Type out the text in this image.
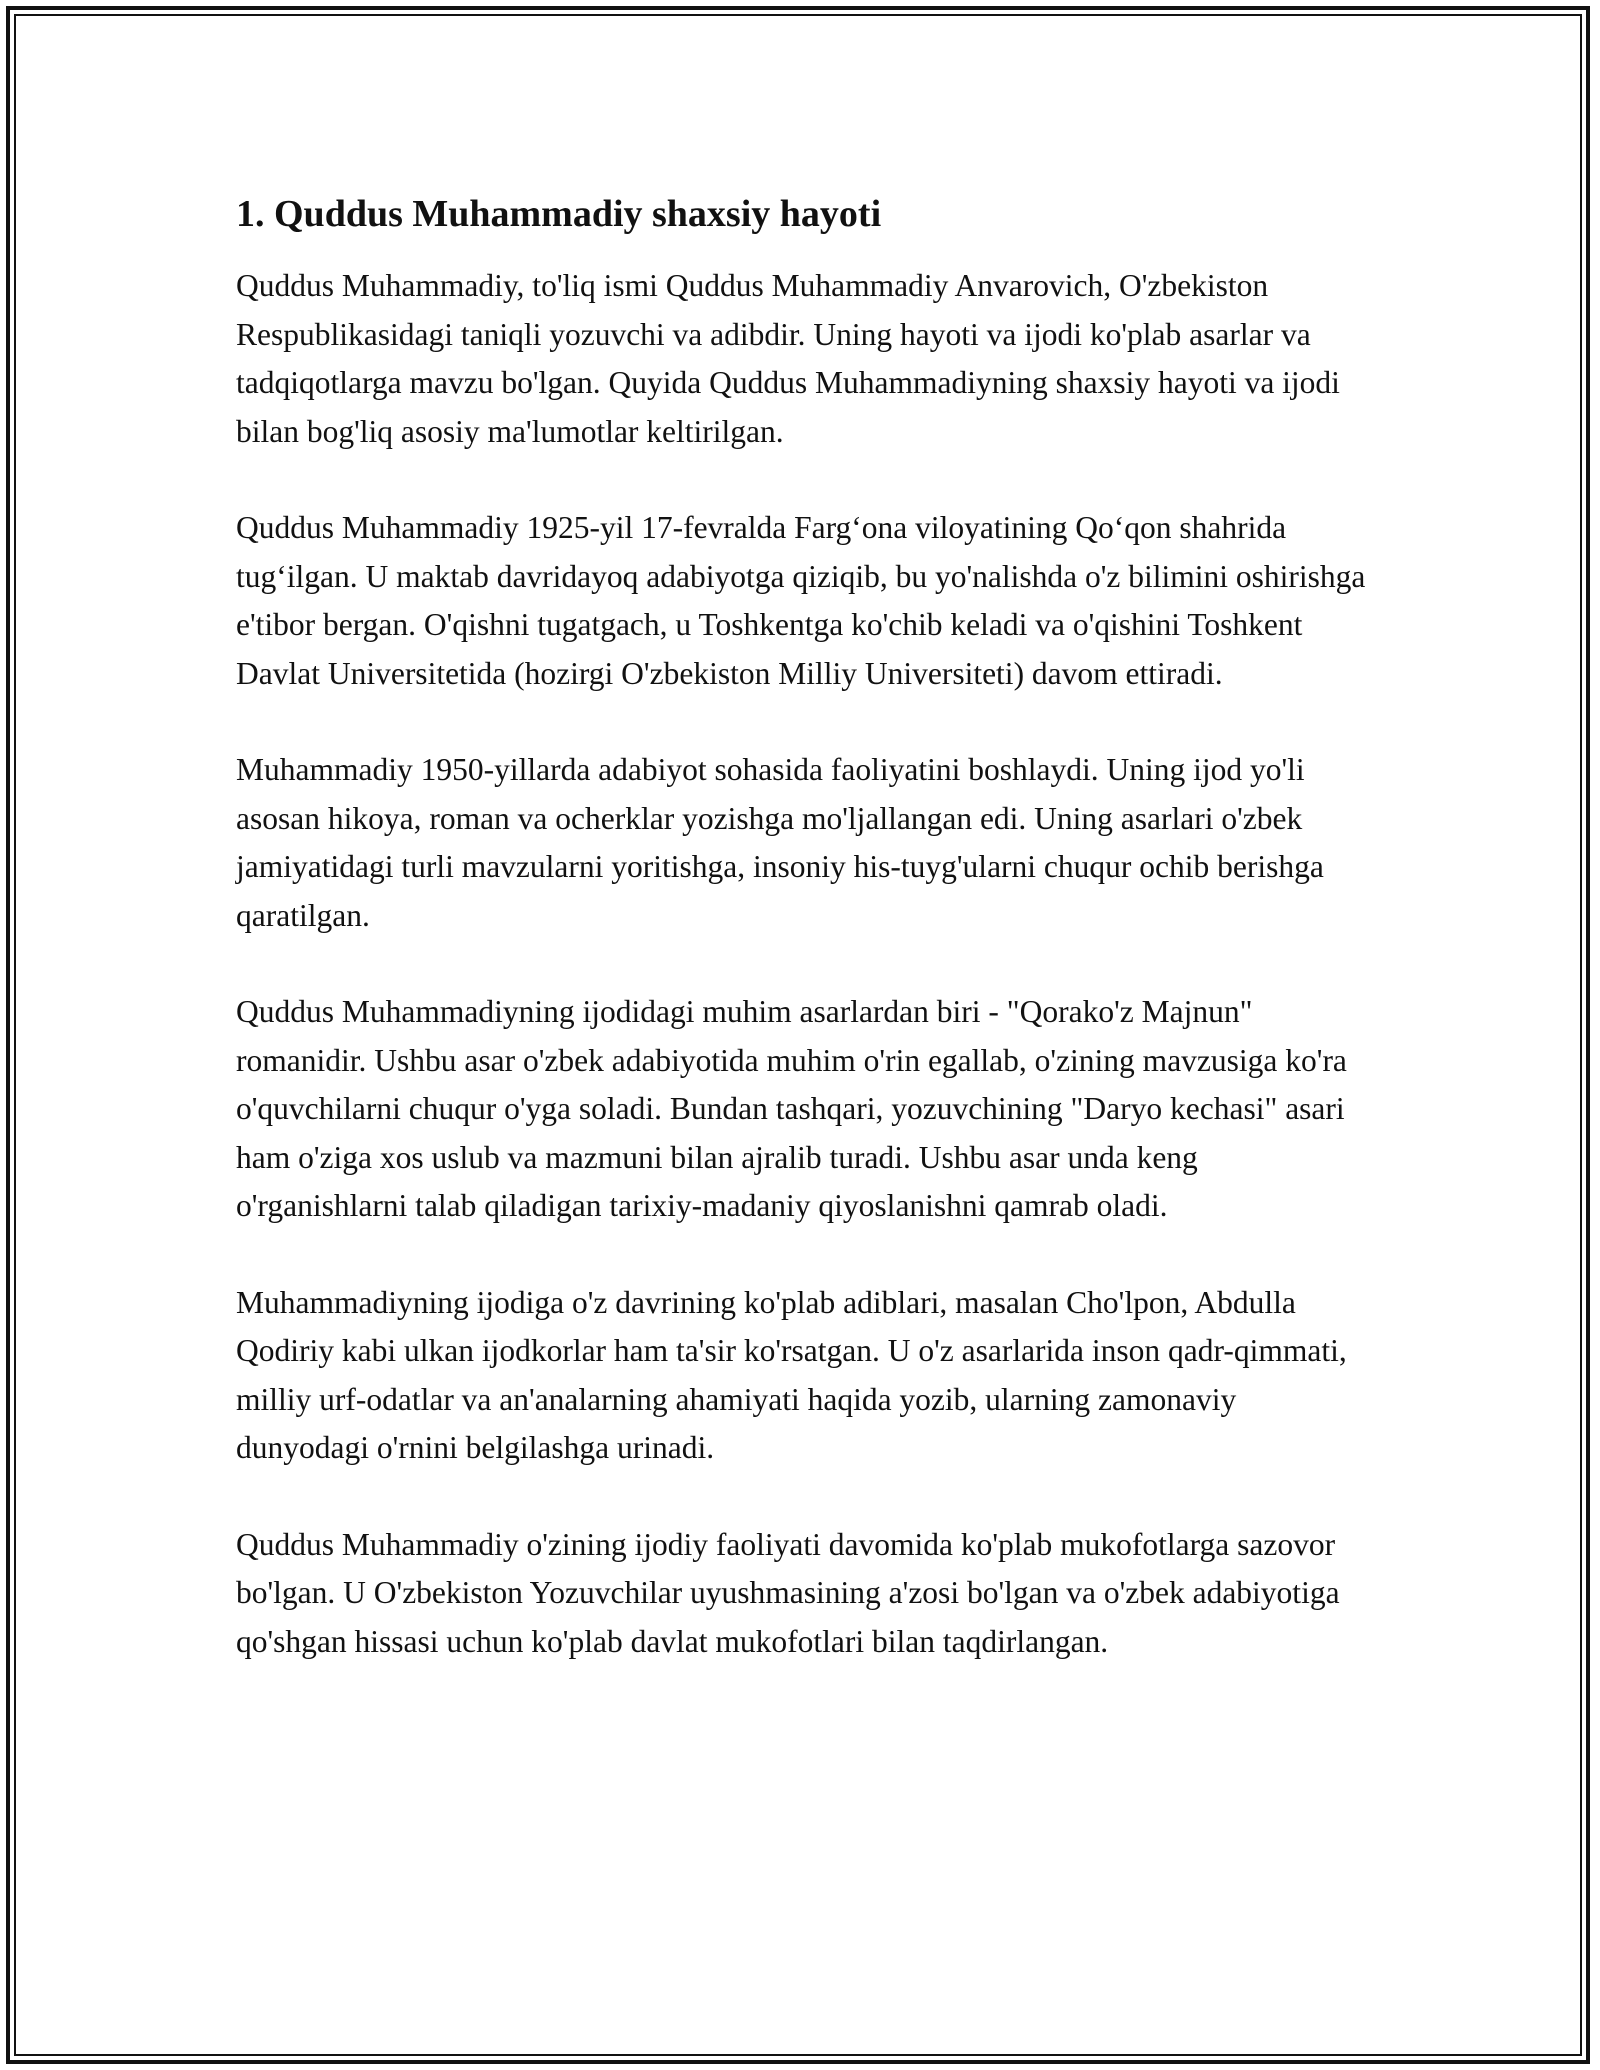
1. Quddus Muhammadiy shaxsiy hayoti

Quddus Muhammadiy, to'liq ismi Quddus Muhammadiy Anvarovich, O'zbekiston Respublikasidagi taniqli yozuvchi va adibdir. Uning hayoti va ijodi ko'plab asarlar va tadqiqotlarga mavzu bo'lgan. Quyida Quddus Muhammadiyning shaxsiy hayoti va ijodi bilan bog'liq asosiy ma'lumotlar keltirilgan.

Quddus Muhammadiy 1925-yil 17-fevralda Farg‘ona viloyatining Qo‘qon shahrida tug‘ilgan. U maktab davridayoq adabiyotga qiziqib, bu yo'nalishda o'z bilimini oshirishga e'tibor bergan. O'qishni tugatgach, u Toshkentga ko'chib keladi va o'qishini Toshkent Davlat Universitetida (hozirgi O'zbekiston Milliy Universiteti) davom ettiradi.

Muhammadiy 1950-yillarda adabiyot sohasida faoliyatini boshlaydi. Uning ijod yo'li asosan hikoya, roman va ocherklar yozishga mo'ljallangan edi. Uning asarlari o'zbek jamiyatidagi turli mavzularni yoritishga, insoniy his-tuyg'ularni chuqur ochib berishga qaratilgan.

Quddus Muhammadiyning ijodidagi muhim asarlardan biri - "Qorako'z Majnun" romanidir. Ushbu asar o'zbek adabiyotida muhim o'rin egallab, o'zining mavzusiga ko'ra o'quvchilarni chuqur o'yga soladi. Bundan tashqari, yozuvchining "Daryo kechasi" asari ham o'ziga xos uslub va mazmuni bilan ajralib turadi. Ushbu asar unda keng o'rganishlarni talab qiladigan tarixiy-madaniy qiyoslanishni qamrab oladi.

Muhammadiyning ijodiga o'z davrining ko'plab adiblari, masalan Cho'lpon, Abdulla Qodiriy kabi ulkan ijodkorlar ham ta'sir ko'rsatgan. U o'z asarlarida inson qadr-qimmati, milliy urf-odatlar va an'analarning ahamiyati haqida yozib, ularning zamonaviy dunyodagi o'rnini belgilashga urinadi.

Quddus Muhammadiy o'zining ijodiy faoliyati davomida ko'plab mukofotlarga sazovor bo'lgan. U O'zbekiston Yozuvchilar uyushmasining a'zosi bo'lgan va o'zbek adabiyotiga qo'shgan hissasi uchun ko'plab davlat mukofotlari bilan taqdirlangan.
